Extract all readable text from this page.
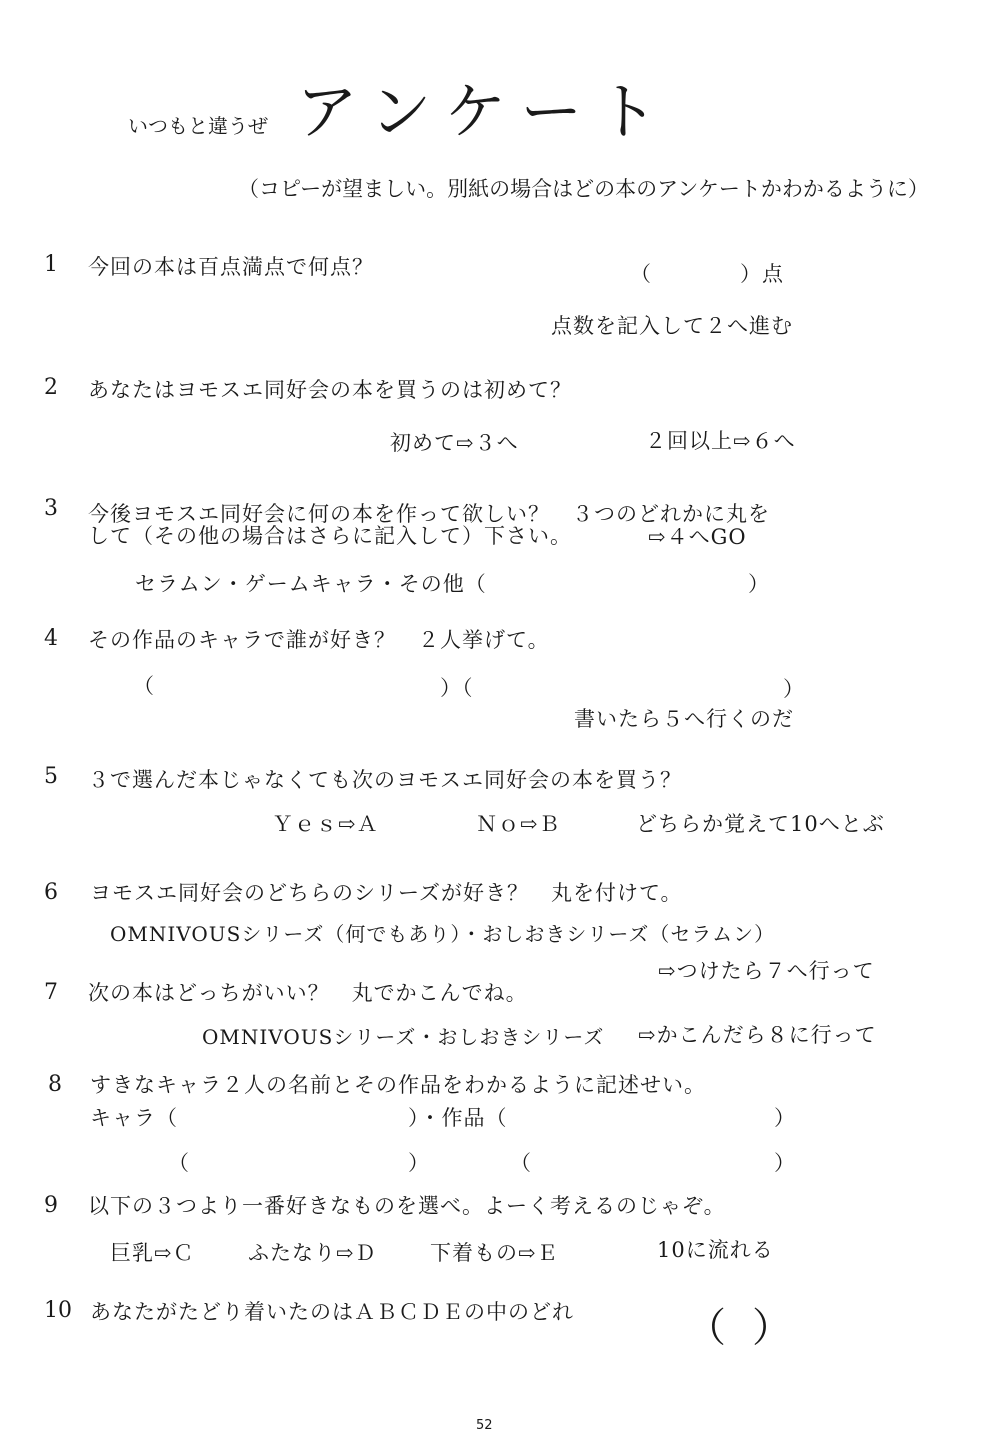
いつもと違うぜ アンケート
（コピーが望ましい。別紙の場合はどの本のアンケートかわかるように）
1 今回の本は百点満点で何点？	（　　　　）点
点数を記入して２へ進む
2 あなたはヨモスエ同好会の本を買うのは初めて？
初めて⇨３へ	２回以上⇨６へ
3 今後ヨモスエ同好会に何の本を作って欲しい？　３つのどれかに丸を
して（その他の場合はさらに記入して）下さい。	⇨４へGO
セラムン・ゲームキャラ・その他（	）
4 その作品のキャラで誰が好き？　２人挙げて。
（	）（	）
書いたら５へ行くのだ
5 ３で選んだ本じゃなくても次のヨモスエ同好会の本を買う？
Ｙｅｓ⇨Ａ	Ｎｏ⇨Ｂ	どちらか覚えて10へとぶ
6 ヨモスエ同好会のどちらのシリーズが好き？　丸を付けて。
OMNIVOUSシリーズ（何でもあり）・おしおきシリーズ（セラムン）
⇨つけたら７へ行って
7 次の本はどっちがいい？　丸でかこんでね。
OMNIVOUSシリーズ・おしおきシリーズ ⇨かこんだら８に行って
8 すきなキャラ２人の名前とその作品をわかるように記述せい。
キャラ（	）・作品（	）
（	）	（	）
9 以下の３つより一番好きなものを選べ。よーく考えるのじゃぞ。
巨乳⇨Ｃ	ふたなり⇨Ｄ	下着もの⇨Ｅ	10に流れる
10 あなたがたどり着いたのはＡＢＣＤＥの中のどれ	（ ）
52
